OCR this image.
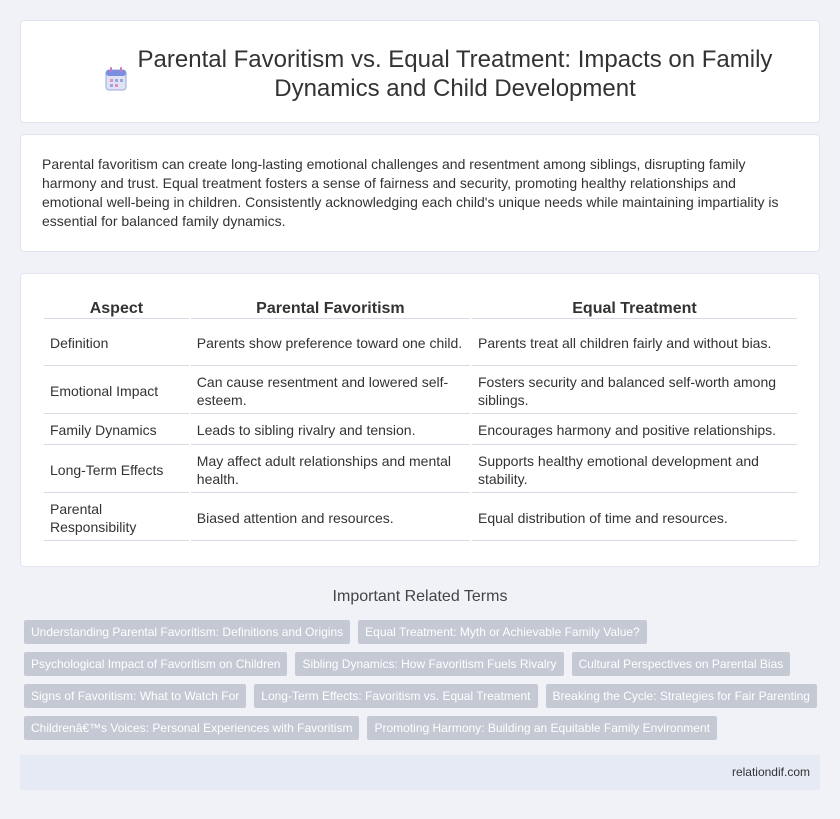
Parental Favoritism vs. Equal Treatment: Impacts on Family Dynamics and Child Development

Parental favoritism can create long-lasting emotional challenges and resentment among siblings, disrupting family harmony and trust. Equal treatment fosters a sense of fairness and security, promoting healthy relationships and emotional well-being in children. Consistently acknowledging each child's unique needs while maintaining impartiality is essential for balanced family dynamics.

Aspect	Parental Favoritism	Equal Treatment
Definition	Parents show preference toward one child.	Parents treat all children fairly and without bias.
Emotional Impact	Can cause resentment and lowered self-esteem.	Fosters security and balanced self-worth among siblings.
Family Dynamics	Leads to sibling rivalry and tension.	Encourages harmony and positive relationships.
Long-Term Effects	May affect adult relationships and mental health.	Supports healthy emotional development and stability.
Parental Responsibility	Biased attention and resources.	Equal distribution of time and resources.
Important Related Terms
Understanding Parental Favoritism: Definitions and Origins	Equal Treatment: Myth or Achievable Family Value?
Psychological Impact of Favoritism on Children	Sibling Dynamics: How Favoritism Fuels Rivalry	Cultural Perspectives on Parental Bias
Signs of Favoritism: What to Watch For	Long-Term Effects: Favoritism vs. Equal Treatment	Breaking the Cycle: Strategies for Fair Parenting
Childrenâ€™s Voices: Personal Experiences with Favoritism	Promoting Harmony: Building an Equitable Family Environment
relationdif.com
